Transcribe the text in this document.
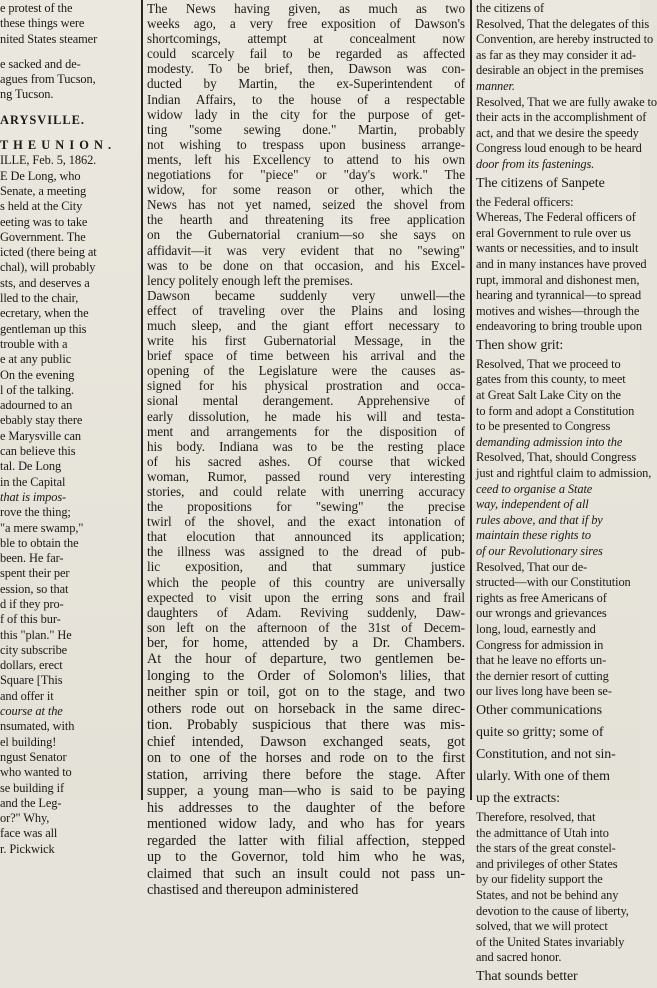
e protest of the
these things were
nited States steamer
e sacked and de-
agues from Tucson,
ng Tucson.
ARYSVILLE.
T H E U N I O N .
ILLE, Feb. 5, 1862.
E De Long, who
Senate, a meeting
s held at the City
eeting was to take
Government. The
icted (there being at
chal), will probably
sts, and deserves a
lled to the chair,
ecretary, when the
gentleman up this
trouble with a
e at any public
On the evening
l of the talking.
adourned to an
ebably stay there
e Marysville can
can believe this
tal. De Long
in the Capital
that is impos-
rove the thing;
"a mere swamp,"
ble to obtain the
been. He far-
spent their per
ession, so that
d if they pro-
f of this bur-
this "plan." He
city subscribe
dollars, erect
Square [This
and offer it
course at the
nsumated, with
el building!
ngust Senator
who wanted to
se building if
and the Leg-
or?" Why,
face was all
r. Pickwick
The News having given, as much as two
weeks ago, a very free exposition of Dawson's
shortcomings, attempt at concealment now
could scarcely fail to be regarded as affected
modesty. To be brief, then, Dawson was con-
ducted by Martin, the ex-Superintendent of
Indian Affairs, to the house of a respectable
widow lady in the city for the purpose of get-
ting "some sewing done." Martin, probably
not wishing to trespass upon business arrange-
ments, left his Excellency to attend to his own
negotiations for "piece" or "day's work." The
widow, for some reason or other, which the
News has not yet named, seized the shovel from
the hearth and threatening its free application
on the Gubernatorial cranium—so she says on
affidavit—it was very evident that no "sewing"
was to be done on that occasion, and his Excel-
lency politely enough left the premises.
Dawson became suddenly very unwell—the
effect of traveling over the Plains and losing
much sleep, and the giant effort necessary to
write his first Gubernatorial Message, in the
brief space of time between his arrival and the
opening of the Legislature were the causes as-
signed for his physical prostration and occa-
sional mental derangement. Apprehensive of
early dissolution, he made his will and testa-
ment and arrangements for the disposition of
his body. Indiana was to be the resting place
of his sacred ashes. Of course that wicked
woman, Rumor, passed round very interesting
stories, and could relate with unerring accuracy
the propositions for "sewing" the precise
twirl of the shovel, and the exact intonation of
that elocution that announced its application;
the illness was assigned to the dread of pub-
lic exposition, and that summary justice
which the people of this country are universally
expected to visit upon the erring sons and frail
daughters of Adam. Reviving suddenly, Daw-
son left on the afternoon of the 31st of Decem-
ber, for home, attended by a Dr. Chambers.
At the hour of departure, two gentlemen be-
longing to the Order of Solomon's lilies, that
neither spin or toil, got on to the stage, and two
others rode out on horseback in the same direc-
tion. Probably suspicious that there was mis-
chief intended, Dawson exchanged seats, got
on to one of the horses and rode on to the first
station, arriving there before the stage. After
supper, a young man—who is said to be paying
his addresses to the daughter of the before
mentioned widow lady, and who has for years
regarded the latter with filial affection, stepped
up to the Governor, told him who he was,
claimed that such an insult could not pass un-
chastised and thereupon administered
the citizens of
Resolved, That the delegates of this
Convention, are hereby instructed to
as far as they may consider it ad-
desirable an object in the premises
manner.
Resolved, That we are fully awake to
their acts in the accomplishment of
act, and that we desire the speedy
Congress loud enough to be heard
door from its fastenings.
The citizens of Sanpete
the Federal officers:
Whereas, The Federal officers of
eral Government to rule over us
wants or necessities, and to insult
and in many instances have proved
rupt, immoral and dishonest men,
hearing and tyrannical—to spread
motives and wishes—through the
endeavoring to bring trouble upon
Then show grit:
Resolved, That we proceed to
gates from this county, to meet
at Great Salt Lake City on the
to form and adopt a Constitution
to be presented to Congress
demanding admission into the
Resolved, That, should Congress
just and rightful claim to admission,
ceed to organise a State
way, independent of all
rules above, and that if by
maintain these rights to
of our Revolutionary sires
Resolved, That our de-
structed—with our Constitution
rights as free Americans of
our wrongs and grievances
long, loud, earnestly and
Congress for admission in
that he leave no efforts un-
the dernier resort of cutting
our lives long have been se-
Other communications
quite so gritty; some of
Constitution, and not sin-
ularly. With one of them
up the extracts:
Therefore, resolved, that
the admittance of Utah into
the stars of the great constel-
and privileges of other States
by our fidelity support the
States, and not be behind any
devotion to the cause of liberty,
solved, that we will protect
of the United States invariably
and sacred honor.
That sounds better
